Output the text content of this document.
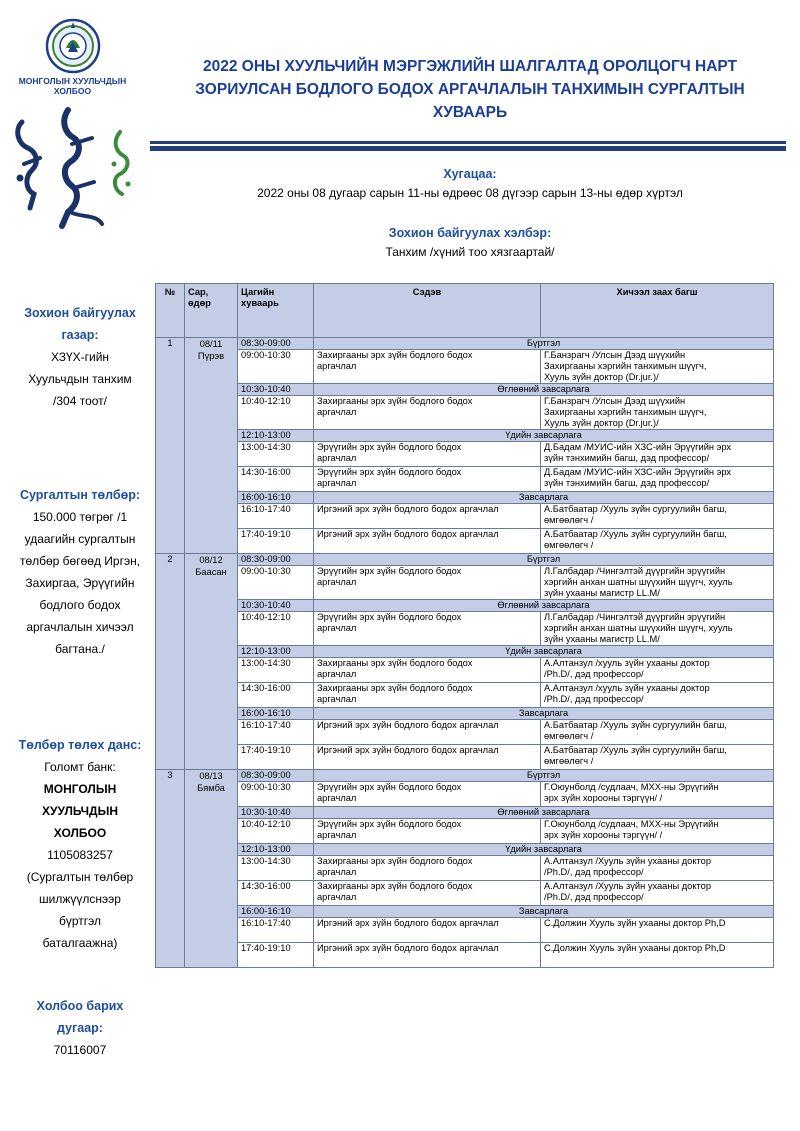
МОНГОЛЫН ХУУЛЬЧДЫН
ХОЛБОО
2022 ОНЫ ХУУЛЬЧИЙН МЭРГЭЖЛИЙН ШАЛГАЛТАД ОРОЛЦОГЧ НАРТ
ЗОРИУЛСАН БОДЛОГО БОДОХ АРГАЧЛАЛЫН ТАНХИМЫН СУРГАЛТЫН
ХУВААРЬ
Хугацаа:
2022 оны 08 дугаар сарын 11-ны өдрөөс 08 дүгээр сарын 13-ны өдөр хүртэл
Зохион байгуулах хэлбэр:
Танхим /хүний тоо хязгаартай/
Зохион байгуулах
газар:
ХЗҮХ-гийн
Хуульчдын танхим
/304 тоот/
Сургалтын төлбөр:
150.000 төгрөг /1
удаагийн сургалтын
төлбөр бөгөөд Иргэн,
Захиргаа, Эрүүгийн
бодлого бодох
аргачлалын хичээл
багтана./
Төлбөр төлөх данс:
Голомт банк:
МОНГОЛЫН
ХУУЛЬЧДЫН
ХОЛБОО
1105083257
(Сургалтын төлбөр
шилжүүлснээр
бүртгэл
баталгаажна)
Холбоо барих
дугаар:
70116007
№	Сар,
өдөр	Цагийн
хуваарь	Сэдэв	Хичээл заах багш
1	08/11
Пүрэв	08:30-09:00	Бүртгэл	
		09:00-10:30	Захиргааны эрх зүйн бодлого бодох
аргачлал	Г.Банзрагч /Улсын Дээд шүүхийн
Захиргааны хэргийн танхимын шүүгч,
Хууль зүйн доктор (Dr.jur.)/
		10:30-10:40	Өглөөний завсарлага	
		10:40-12:10	Захиргааны эрх зүйн бодлого бодох
аргачлал	Г.Банзрагч /Улсын Дээд шүүхийн
Захиргааны хэргийн танхимын шүүгч,
Хууль зүйн доктор (Dr.jur.)/
		12:10-13:00	Үдийн завсарлага	
		13:00-14:30	Эрүүгийн эрх зүйн бодлого бодох
аргачлал	Д.Бадам /МУИС-ийн ХЗС-ийн Эрүүгийн эрх
зүйн тэнхимийн багш, дэд профессор/
		14:30-16:00	Эрүүгийн эрх зүйн бодлого бодох
аргачлал	Д.Бадам /МУИС-ийн ХЗС-ийн Эрүүгийн эрх
зүйн тэнхимийн багш, дэд профессор/
		16:00-16:10	Завсарлага	
		16:10-17:40	Иргэний эрх зүйн бодлого бодох аргачлал	А.Батбаатар /Хууль зүйн сургуулийн багш,
өмгөөлөгч /
		17:40-19:10	Иргэний эрх зүйн бодлого бодох аргачлал	А.Батбаатар /Хууль зүйн сургуулийн багш,
өмгөөлөгч /
2	08/12
Баасан	08:30-09:00	Бүртгэл	
		09:00-10:30	Эрүүгийн эрх зүйн бодлого бодох
аргачлал	Л.Галбадар /Чингэлтэй дүүргийн эрүүгийн
хэргийн анхан шатны шүүхийн шүүгч, хууль
зүйн ухааны магистр LL.M/
		10:30-10:40	Өглөөний завсарлага	
		10:40-12:10	Эрүүгийн эрх зүйн бодлого бодох
аргачлал	Л.Галбадар /Чингэлтэй дүүргийн эрүүгийн
хэргийн анхан шатны шүүхийн шүүгч, хууль
зүйн ухааны магистр LL.M/
		12:10-13:00	Үдийн завсарлага	
		13:00-14:30	Захиргааны эрх зүйн бодлого бодох
аргачлал	А.Алтанзул /хууль зүйн ухааны доктор
/Ph.D/, дэд профессор/
		14:30-16:00	Захиргааны эрх зүйн бодлого бодох
аргачлал	А.Алтанзул /хууль зүйн ухааны доктор
/Ph.D/, дэд профессор/
		16:00-16:10	Завсарлага	
		16:10-17:40	Иргэний эрх зүйн бодлого бодох аргачлал	А.Батбаатар /Хууль зүйн сургуулийн багш,
өмгөөлөгч /
		17:40-19:10	Иргэний эрх зүйн бодлого бодох аргачлал	А.Батбаатар /Хууль зүйн сургуулийн багш,
өмгөөлөгч /
3	08/13
Бямба	08:30-09:00	Бүртгэл	
		09:00-10:30	Эрүүгийн эрх зүйн бодлого бодох
аргачлал	Г.Оюунболд /судлаач, МХХ-ны Эрүүгийн
эрх зүйн хорооны тэргүүн/ /
		10:30-10:40	Өглөөний завсарлага	
		10:40-12:10	Эрүүгийн эрх зүйн бодлого бодох
аргачлал	Г.Оюунболд /судлаач, МХХ-ны Эрүүгийн
эрх зүйн хорооны тэргүүн/ /
		12:10-13:00	Үдийн завсарлага	
		13:00-14:30	Захиргааны эрх зүйн бодлого бодох
аргачлал	А.Алтанзул /Хууль зүйн ухааны доктор
/Ph.D/, дэд профессор/
		14:30-16:00	Захиргааны эрх зүйн бодлого бодох
аргачлал	А.Алтанзул /Хууль зүйн ухааны доктор
/Ph.D/, дэд профессор/
		16:00-16:10	Завсарлага	
		16:10-17:40	Иргэний эрх зүйн бодлого бодох аргачлал	С.Должин Хууль зүйн ухааны доктор Ph,D
		17:40-19:10	Иргэний эрх зүйн бодлого бодох аргачлал	С.Должин Хууль зүйн ухааны доктор Ph,D
